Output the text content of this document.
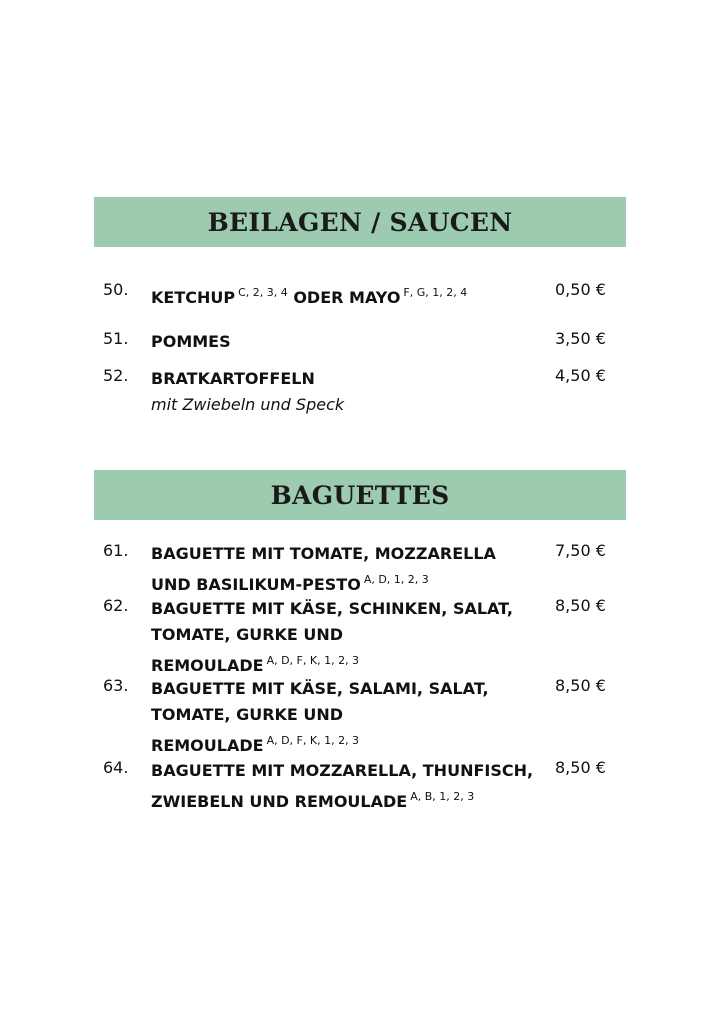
BEILAGEN / SAUCEN
50. KETCHUP $^{C, 2, 3, 4}$ ODER MAYO $^{F, G, 1, 2, 4}$	0,50 €
51. POMMES	3,50 €
52. BRATKARTOFFELN
mit Zwiebeln und Speck
4,50 €
BAGUETTES
61. BAGUETTE MIT TOMATE, MOZZARELLA
UND BASILIKUM-PESTO $^{A, D, 1, 2, 3}$
7,50 €
62. BAGUETTE MIT KÄSE, SCHINKEN, SALAT,
TOMATE, GURKE UND
REMOULADE $^{A, D, F, K, 1, 2, 3}$
8,50 €
63. BAGUETTE MIT KÄSE, SALAMI, SALAT,
TOMATE, GURKE UND
REMOULADE $^{A, D, F, K, 1, 2, 3}$
8,50 €
64. BAGUETTE MIT MOZZARELLA, THUNFISCH,
ZWIEBELN UND REMOULADE $^{A, B, 1, 2, 3}$
8,50 €
